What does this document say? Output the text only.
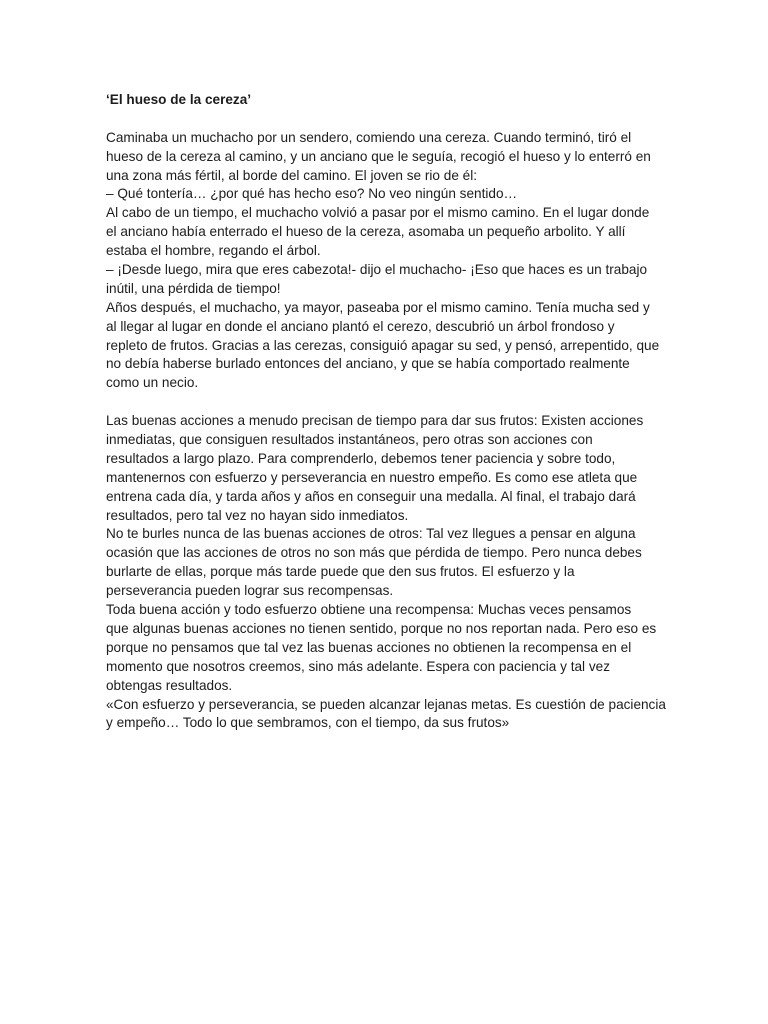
‘El hueso de la cereza’

Caminaba un muchacho por un sendero, comiendo una cereza. Cuando terminó, tiró el

hueso de la cereza al camino, y un anciano que le seguía, recogió el hueso y lo enterró en

una zona más fértil, al borde del camino. El joven se rio de él:

– Qué tontería… ¿por qué has hecho eso? No veo ningún sentido…

Al cabo de un tiempo, el muchacho volvió a pasar por el mismo camino. En el lugar donde

el anciano había enterrado el hueso de la cereza, asomaba un pequeño arbolito. Y allí

estaba el hombre, regando el árbol.

– ¡Desde luego, mira que eres cabezota!- dijo el muchacho- ¡Eso que haces es un trabajo

inútil, una pérdida de tiempo!

Años después, el muchacho, ya mayor, paseaba por el mismo camino. Tenía mucha sed y

al llegar al lugar en donde el anciano plantó el cerezo, descubrió un árbol frondoso y

repleto de frutos. Gracias a las cerezas, consiguió apagar su sed, y pensó, arrepentido, que

no debía haberse burlado entonces del anciano, y que se había comportado realmente

como un necio.

Las buenas acciones a menudo precisan de tiempo para dar sus frutos: Existen acciones

inmediatas, que consiguen resultados instantáneos, pero otras son acciones con

resultados a largo plazo. Para comprenderlo, debemos tener paciencia y sobre todo,

mantenernos con esfuerzo y perseverancia en nuestro empeño. Es como ese atleta que

entrena cada día, y tarda años y años en conseguir una medalla. Al final, el trabajo dará

resultados, pero tal vez no hayan sido inmediatos.

No te burles nunca de las buenas acciones de otros: Tal vez llegues a pensar en alguna

ocasión que las acciones de otros no son más que pérdida de tiempo. Pero nunca debes

burlarte de ellas, porque más tarde puede que den sus frutos. El esfuerzo y la

perseverancia pueden lograr sus recompensas.

Toda buena acción y todo esfuerzo obtiene una recompensa: Muchas veces pensamos

que algunas buenas acciones no tienen sentido, porque no nos reportan nada. Pero eso es

porque no pensamos que tal vez las buenas acciones no obtienen la recompensa en el

momento que nosotros creemos, sino más adelante. Espera con paciencia y tal vez

obtengas resultados.

«Con esfuerzo y perseverancia, se pueden alcanzar lejanas metas. Es cuestión de paciencia

y empeño… Todo lo que sembramos, con el tiempo, da sus frutos»
